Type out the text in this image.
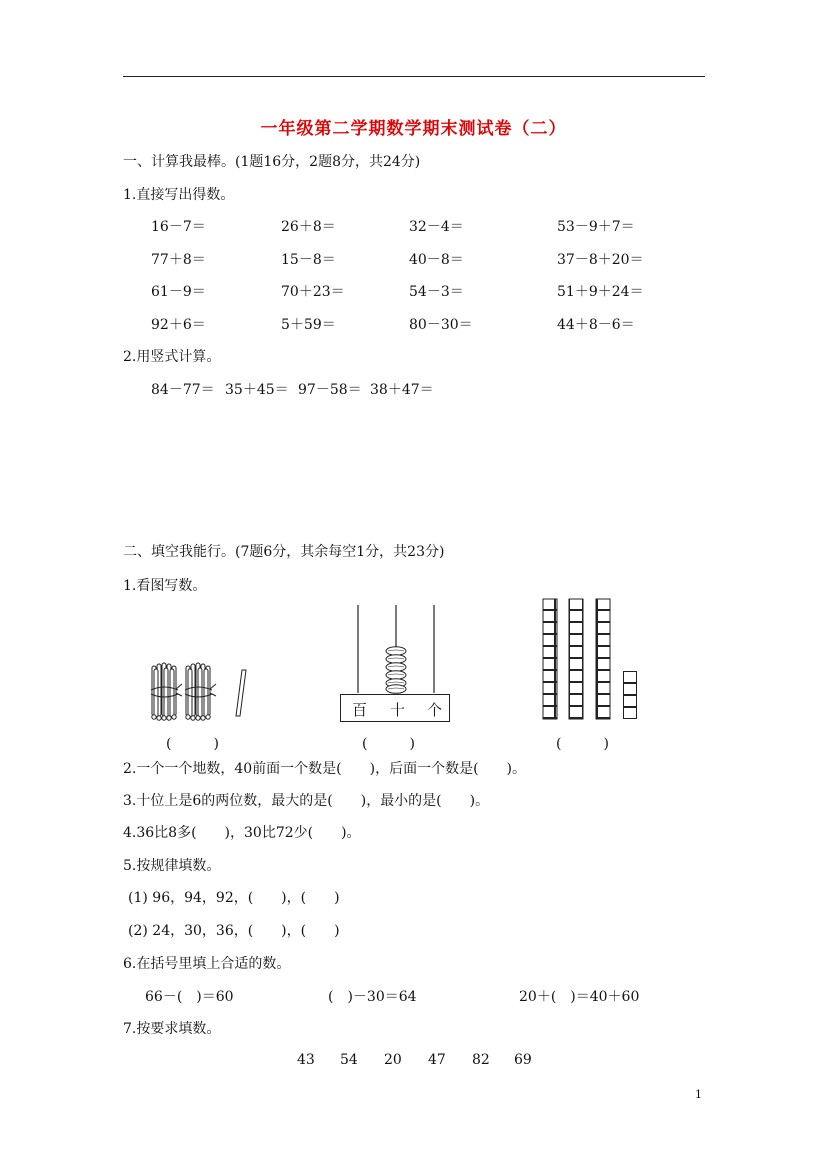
一年级第二学期数学期末测试卷（二）
一、计算我最棒。(1题16分，2题8分，共24分)
1.直接写出得数。
16－7＝	26＋8＝	32－4＝	53－9＋7＝
77＋8＝	15－8＝	40－8＝	37－8＋20＝
61－9＝	70＋23＝	54－3＝	51＋9＋24＝
92＋6＝	5＋59＝	80－30＝	44＋8－6＝
2.用竖式计算。
84－77＝ 35＋45＝ 97－58＝ 38＋47＝
二、填空我能行。(7题6分，其余每空1分，共23分)
1.看图写数。
百 十 个
(　　　)	(　　　)	(　　　)
2.一个一个地数，40前面一个数是(　　)，后面一个数是(　　)。
3.十位上是6的两位数，最大的是(　　)，最小的是(　　)。
4.36比8多(　　)，30比72少(　　)。
5.按规律填数。
(1) 96，94，92，(　　)，(　　)
(2) 24，30，36，(　　)，(　　)
6.在括号里填上合适的数。
66－(　)＝60	(　)－30＝64	20＋(　)＝40＋60
7.按要求填数。
43 54 20 47 82 69
1
